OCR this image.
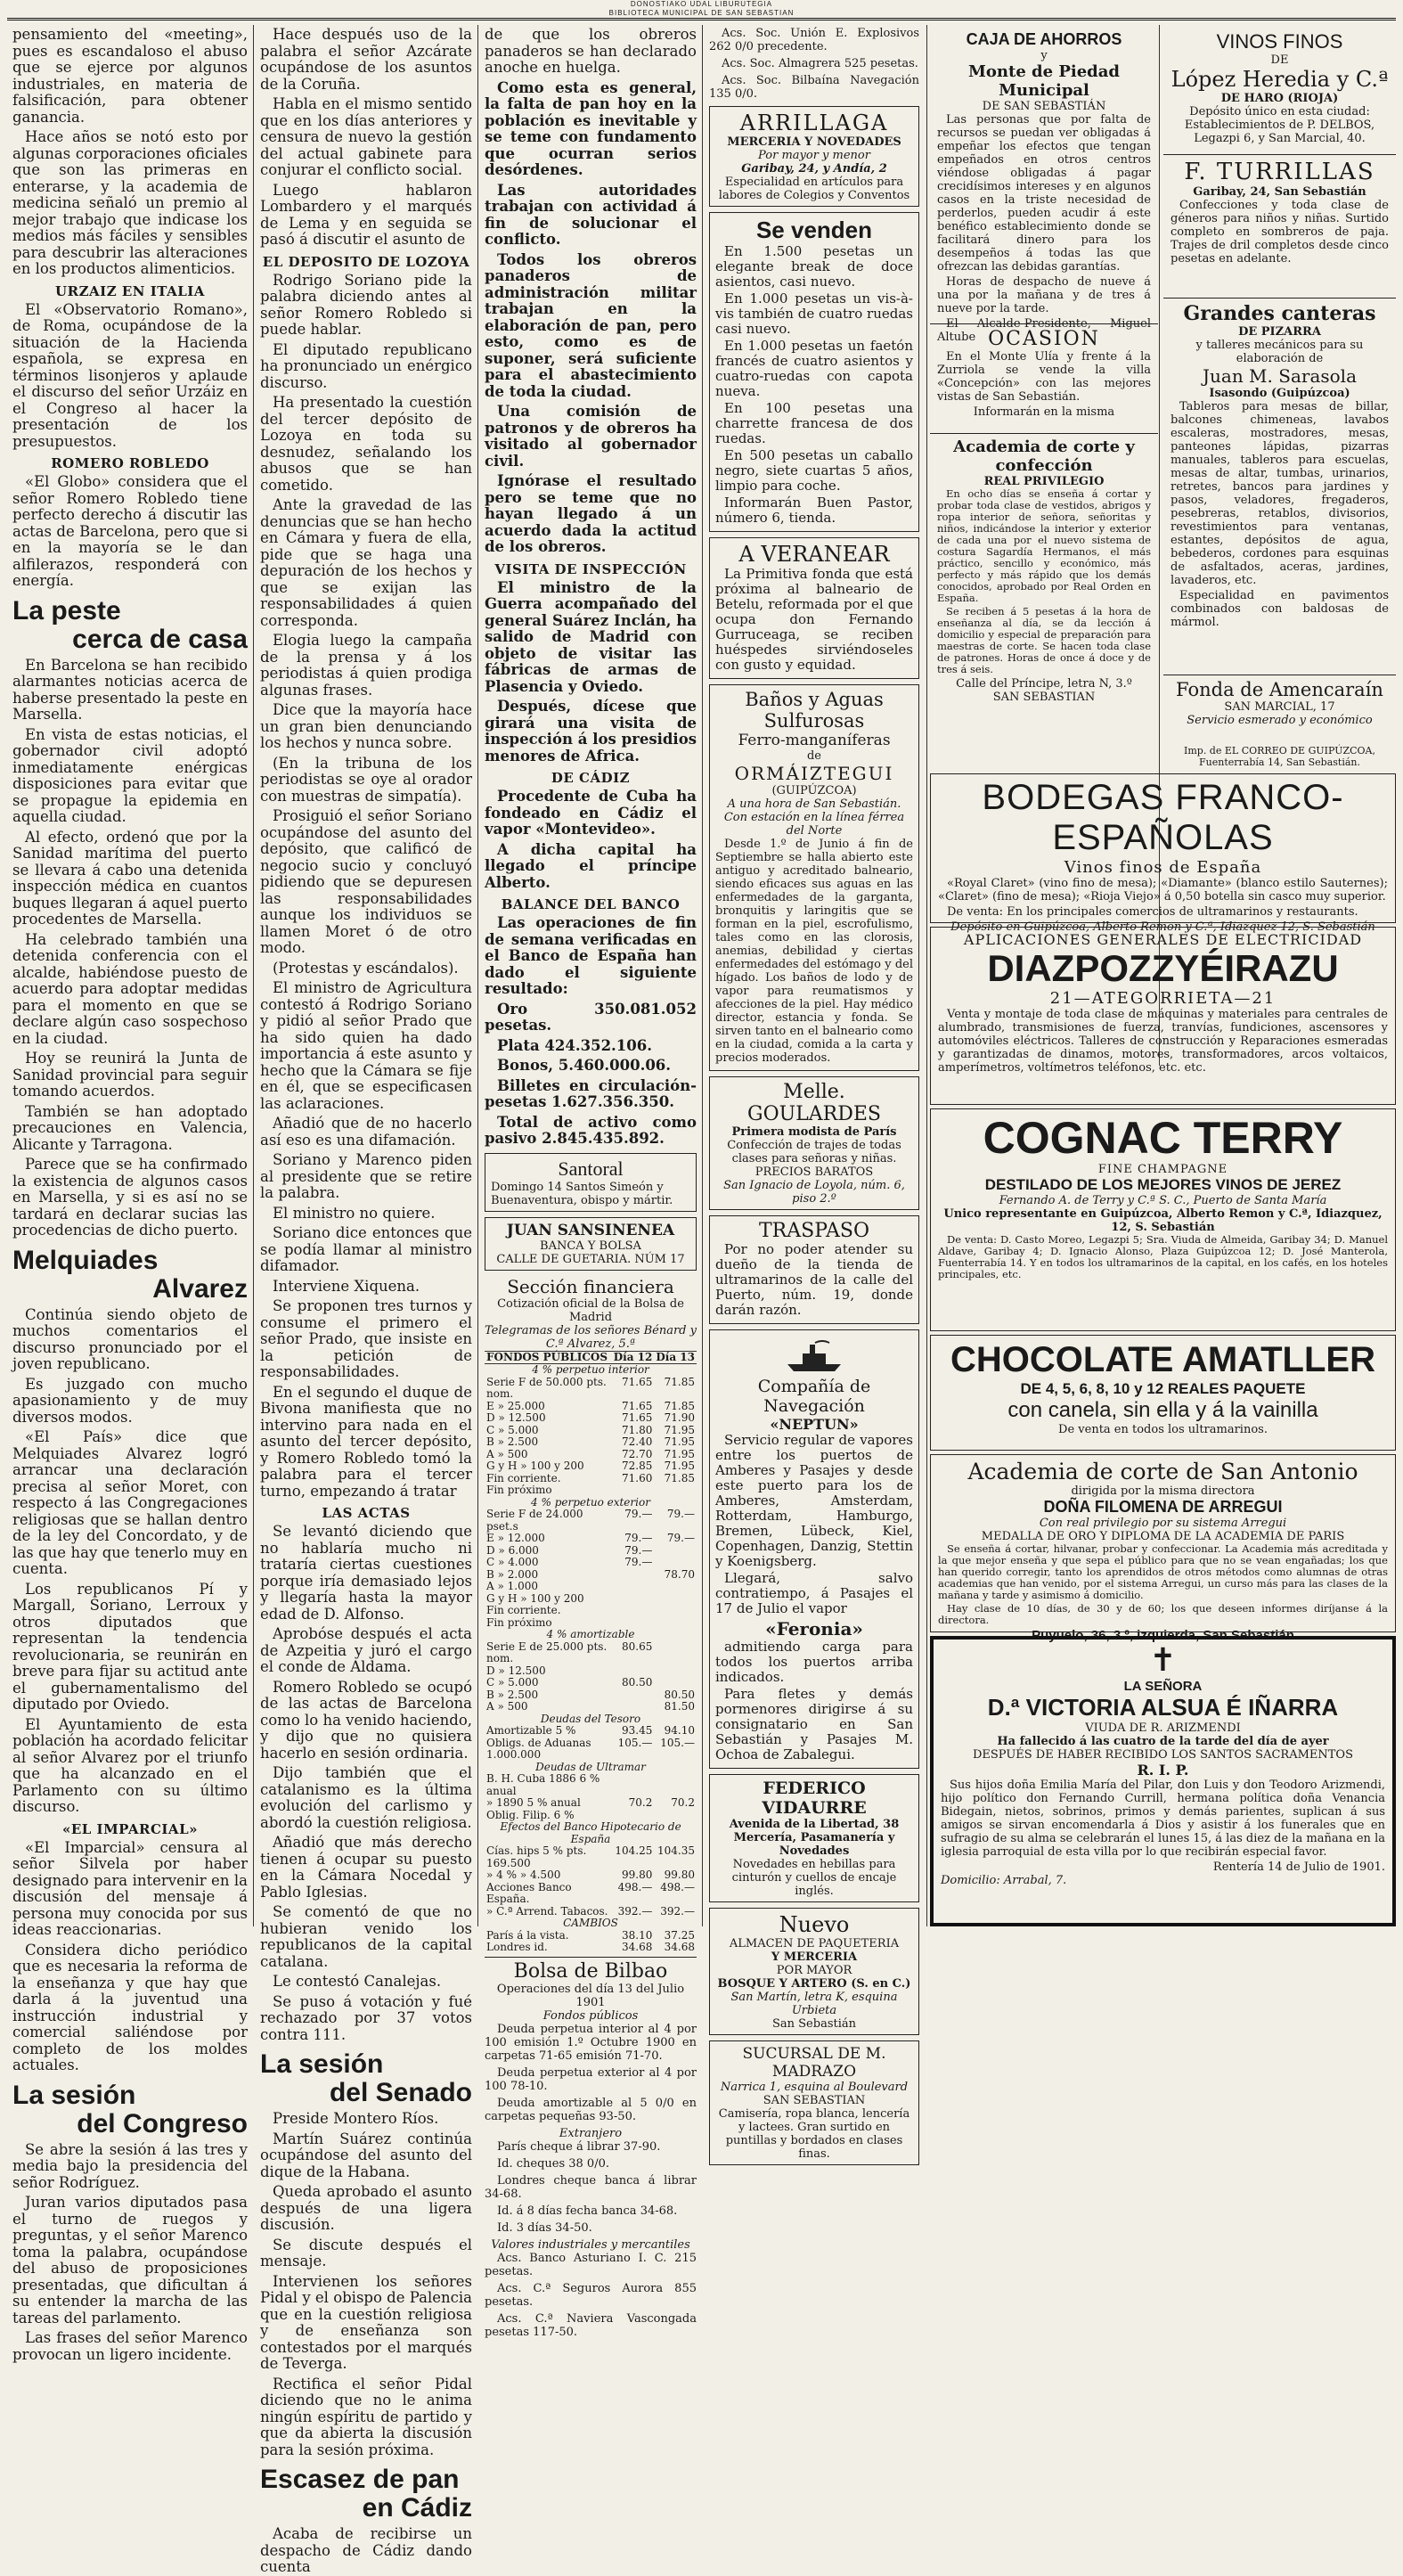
DONOSTIAKO UDAL LIBURUTEGIA
BIBLIOTECA MUNICIPAL DE SAN SEBASTIAN

pensamiento del «meeting», pues es escandaloso el abuso que se ejerce por algunos industriales, en materia de falsificación, para obtener ganancia.

Hace años se notó esto por algunas corporaciones oficiales que son las primeras en enterarse, y la academia de medicina señaló un premio al mejor trabajo que indicase los medios más fáciles y sensibles para descubrir las alteraciones en los productos alimenticios.

URZAIZ EN ITALIA

El «Observatorio Romano», de Roma, ocupándose de la situación de la Hacienda española, se expresa en términos lisonjeros y aplaude el discurso del señor Urzáiz en el Congreso al hacer la presentación de los presupuestos.

ROMERO ROBLEDO

«El Globo» considera que el señor Romero Robledo tiene perfecto derecho á discutir las actas de Barcelona, pero que si en la mayoría se le dan alfilerazos, responderá con energía.

La peste
cerca de casa

En Barcelona se han recibido alarmantes noticias acerca de haberse presentado la peste en Marsella.

En vista de estas noticias, el gobernador civil adoptó inmediatamente enérgicas disposiciones para evitar que se propague la epidemia en aquella ciudad.

Al efecto, ordenó que por la Sanidad marítima del puerto se llevara á cabo una detenida inspección médica en cuantos buques llegaran á aquel puerto procedentes de Marsella.

Ha celebrado también una detenida conferencia con el alcalde, habiéndose puesto de acuerdo para adoptar medidas para el momento en que se declare algún caso sospechoso en la ciudad.

Hoy se reunirá la Junta de Sanidad provincial para seguir tomando acuerdos.

También se han adoptado precauciones en Valencia, Alicante y Tarragona.

Parece que se ha confirmado la existencia de algunos casos en Marsella, y si es así no se tardará en declarar sucias las procedencias de dicho puerto.

Melquiades
Alvarez

Continúa siendo objeto de muchos comentarios el discurso pronunciado por el joven republicano.

Es juzgado con mucho apasionamiento y de muy diversos modos.

«El País» dice que Melquiades Alvarez logró arrancar una declaración precisa al señor Moret, con respecto á las Congregaciones religiosas que se hallan dentro de la ley del Concordato, y de las que hay que tenerlo muy en cuenta.

Los republicanos Pí y Margall, Soriano, Lerroux y otros diputados que representan la tendencia revolucionaria, se reunirán en breve para fijar su actitud ante el gubernamentalismo del diputado por Oviedo.

El Ayuntamiento de esta población ha acordado felicitar al señor Alvarez por el triunfo que ha alcanzado en el Parlamento con su último discurso.

«EL IMPARCIAL»

«El Imparcial» censura al señor Silvela por haber designado para intervenir en la discusión del mensaje á persona muy conocida por sus ideas reaccionarias.

Considera dicho periódico que es necesaria la reforma de la enseñanza y que hay que darla á la juventud una instrucción industrial y comercial saliéndose por completo de los moldes actuales.

La sesión
del Congreso

Se abre la sesión á las tres y media bajo la presidencia del señor Rodríguez.

Juran varios diputados pasa el turno de ruegos y preguntas, y el señor Marenco toma la palabra, ocupándose del abuso de proposiciones presentadas, que dificultan á su entender la marcha de las tareas del parlamento.

Las frases del señor Marenco provocan un ligero incidente.

Hace después uso de la palabra el señor Azcárate ocupándose de los asuntos de la Coruña.

Habla en el mismo sentido que en los días anteriores y censura de nuevo la gestión del actual gabinete para conjurar el conflicto social.

Luego hablaron Lombardero y el marqués de Lema y en seguida se pasó á discutir el asunto de

EL DEPOSITO DE LOZOYA

Rodrigo Soriano pide la palabra diciendo antes al señor Romero Robledo si puede hablar.

El diputado republicano ha pronunciado un enérgico discurso.

Ha presentado la cuestión del tercer depósito de Lozoya en toda su desnudez, señalando los abusos que se han cometido.

Ante la gravedad de las denuncias que se han hecho en Cámara y fuera de ella, pide que se haga una depuración de los hechos y que se exijan las responsabilidades á quien corresponda.

Elogia luego la campaña de la prensa y á los periodistas á quien prodiga algunas frases.

Dice que la mayoría hace un gran bien denunciando los hechos y nunca sobre.

(En la tribuna de los periodistas se oye al orador con muestras de simpatía).

Prosiguió el señor Soriano ocupándose del asunto del depósito, que calificó de negocio sucio y concluyó pidiendo que se depuresen las responsabilidades aunque los individuos se llamen Moret ó de otro modo.

(Protestas y escándalos).

El ministro de Agricultura contestó á Rodrigo Soriano y pidió al señor Prado que ha sido quien ha dado importancia á este asunto y hecho que la Cámara se fije en él, que se especificasen las aclaraciones.

Añadió que de no hacerlo así eso es una difamación.

Soriano y Marenco piden al presidente que se retire la palabra.

El ministro no quiere.

Soriano dice entonces que se podía llamar al ministro difamador.

Interviene Xiquena.

Se proponen tres turnos y consume el primero el señor Prado, que insiste en la petición de responsabilidades.

En el segundo el duque de Bivona manifiesta que no intervino para nada en el asunto del tercer depósito, y Romero Robledo tomó la palabra para el tercer turno, empezando á tratar

LAS ACTAS

Se levantó diciendo que no hablaría mucho ni trataría ciertas cuestiones porque iría demasiado lejos y llegaría hasta la mayor edad de D. Alfonso.

Aprobóse después el acta de Azpeitia y juró el cargo el conde de Aldama.

Romero Robledo se ocupó de las actas de Barcelona como lo ha venido haciendo, y dijo que no quisiera hacerlo en sesión ordinaria.

Dijo también que el catalanismo es la última evolución del carlismo y abordó la cuestión religiosa.

Añadió que más derecho tienen á ocupar su puesto en la Cámara Nocedal y Pablo Iglesias.

Se comentó de que no hubieran venido los republicanos de la capital catalana.

Le contestó Canalejas.

Se puso á votación y fué rechazado por 37 votos contra 111.

La sesión
del Senado

Preside Montero Ríos.

Martín Suárez continúa ocupándose del asunto del dique de la Habana.

Queda aprobado el asunto después de una ligera discusión.

Se discute después el mensaje.

Intervienen los señores Pidal y el obispo de Palencia que en la cuestión religiosa y de enseñanza son contestados por el marqués de Teverga.

Rectifica el señor Pidal diciendo que no le anima ningún espíritu de partido y que da abierta la discusión para la sesión próxima.

Escasez de pan
en Cádiz

Acaba de recibirse un despacho de Cádiz dando cuenta

de que los obreros panaderos se han declarado anoche en huelga.

Como esta es general, la falta de pan hoy en la población es inevitable y se teme con fundamento que ocurran serios desórdenes.

Las autoridades trabajan con actividad á fin de solucionar el conflicto.

Todos los obreros panaderos de administración militar trabajan en la elaboración de pan, pero esto, como es de suponer, será suficiente para el abastecimiento de toda la ciudad.

Una comisión de patronos y de obreros ha visitado al gobernador civil.

Ignórase el resultado pero se teme que no hayan llegado á un acuerdo dada la actitud de los obreros.

VISITA DE INSPECCIÓN

El ministro de la Guerra acompañado del general Suárez Inclán, ha salido de Madrid con objeto de visitar las fábricas de armas de Plasencia y Oviedo.

Después, dícese que girará una visita de inspección á los presidios menores de Africa.

DE CÁDIZ

Procedente de Cuba ha fondeado en Cádiz el vapor «Montevideo».

A dicha capital ha llegado el príncipe Alberto.

BALANCE DEL BANCO

Las operaciones de fin de semana verificadas en el Banco de España han dado el siguiente resultado:

Oro 350.081.052 pesetas.

Plata 424.352.106.

Bonos, 5.460.000.06.

Billetes en circulación-pesetas 1.627.356.350.

Total de activo como pasivo 2.845.435.892.

Santoral
Domingo 14 Santos Simeón y Buenaventura, obispo y mártir.
JUAN SANSINENEA
BANCA Y BOLSA
CALLE DE GUETARIA. NÚM 17
Sección financiera
Cotización oficial de la Bolsa de Madrid
Telegramas de los señores Bénard y C.ª Alvarez, 5.ª
FONDOS PÚBLICOS	Día 12	Día 13
4 % perpetuo interior		
Serie F de 50.000 pts. nom.	71.65	71.85
E » 25.000	71.65	71.85
D » 12.500	71.65	71.90
C » 5.000	71.80	71.95
B » 2.500	72.40	71.95
A » 500	72.70	71.95
G y H » 100 y 200	72.85	71.95
Fin corriente.	71.60	71.85
Fin próximo		
4 % perpetuo exterior		
Serie F de 24.000 pset.s	79.—	79.—
E » 12.000	79.—	79.—
D » 6.000	79.—	
C » 4.000	79.—	
B » 2.000		78.70
A » 1.000		
G y H » 100 y 200		
Fin corriente.		
Fin próximo		
4 % amortizable		
Serie E de 25.000 pts. nom.	80.65	
D » 12.500		
C » 5.000	80.50	
B » 2.500		80.50
A » 500		81.50
Deudas del Tesoro		
Amortizable 5 %	93.45	94.10
Obligs. de Aduanas 1.000.000	105.—	105.—
Deudas de Ultramar		
B. H. Cuba 1886 6 % anual		
» 1890 5 % anual	70.2	70.2
Oblig. Filip. 6 %		
Efectos del Banco Hipotecario de España		
Cías. hips 5 % pts. 169.500	104.25	104.35
» 4 % » 4.500	99.80	99.80
Acciones Banco España.	498.—	498.—
» C.ª Arrend. Tabacos.	392.—	392.—
CAMBIOS		
París á la vista.	38.10	37.25
Londres id.	34.68	34.68
Bolsa de Bilbao
Operaciones del día 13 del Julio 1901
Fondos públicos

Deuda perpetua interior al 4 por 100 emisión 1.º Octubre 1900 en carpetas 71-65 emisión 71-70.

Deuda perpetua exterior al 4 por 100 78-10.

Deuda amortizable al 5 0/0 en carpetas pequeñas 93-50.

Extranjero

París cheque á librar 37-90.

Id. cheques 38 0/0.

Londres cheque banca á librar 34-68.

Id. á 8 días fecha banca 34-68.

Id. 3 días 34-50.

Valores industriales y mercantiles

Acs. Banco Asturiano I. C. 215 pesetas.

Acs. C.ª Seguros Aurora 855 pesetas.

Acs. C.ª Naviera Vascongada pesetas 117-50.

Acs. Soc. Unión E. Explosivos 262 0/0 precedente.

Acs. Soc. Almagrera 525 pesetas.

Acs. Soc. Bilbaína Navegación 135 0/0.

ARRILLAGA
MERCERIA Y NOVEDADES
Por mayor y menor
Garibay, 24, y Andía, 2
Especialidad en artículos para labores de Colegios y Conventos
Se venden

En 1.500 pesetas un elegante break de doce asientos, casi nuevo.

En 1.000 pesetas un vis-à-vis también de cuatro ruedas casi nuevo.

En 1.000 pesetas un faetón francés de cuatro asientos y cuatro-ruedas con capota nueva.

En 100 pesetas una charrette francesa de dos ruedas.

En 500 pesetas un caballo negro, siete cuartas 5 años, limpio para coche.

Informarán Buen Pastor, número 6, tienda.

A VERANEAR

La Primitiva fonda que está próxima al balneario de Betelu, reformada por el que ocupa don Fernando Gurruceaga, se reciben huéspedes sirviéndoseles con gusto y equidad.

Baños y Aguas Sulfurosas
Ferro-manganíferas
de
ORMÁIZTEGUI
(GUIPÚZCOA)
A una hora de San Sebastián. Con estación en la línea férrea del Norte

Desde 1.º de Junio á fin de Septiembre se halla abierto este antiguo y acreditado balneario, siendo eficaces sus aguas en las enfermedades de la garganta, bronquitis y laringitis que se forman en la piel, escrofulismo, tales como en las clorosis, anemias, debilidad y ciertas enfermedades del estómago y del hígado. Los baños de lodo y de vapor para reumatismos y afecciones de la piel. Hay médico director, estancia y fonda. Se sirven tanto en el balneario como en la ciudad, comida a la carta y precios moderados.

Melle. GOULARDES
Primera modista de París
Confección de trajes de todas clases para señoras y niñas.
PRECIOS BARATOS
San Ignacio de Loyola, núm. 6, piso 2.º
TRASPASO

Por no poder atender su dueño de la tienda de ultramarinos de la calle del Puerto, núm. 19, donde darán razón.

Compañía de Navegación
«NEPTUN»

Servicio regular de vapores entre los puertos de Amberes y Pasajes y desde este puerto para los de Amberes, Amsterdam, Rotterdam, Hamburgo, Bremen, Lübeck, Kiel, Copenhagen, Danzig, Stettin y Koenigsberg.

Llegará, salvo contratiempo, á Pasajes el 17 de Julio el vapor

«Feronia»

admitiendo carga para todos los puertos arriba indicados.

Para fletes y demás pormenores dirigirse á su consignatario en San Sebastián y Pasajes M. Ochoa de Zabalegui.

FEDERICO VIDAURRE
Avenida de la Libertad, 38
Mercería, Pasamanería y Novedades
Novedades en hebillas para cinturón y cuellos de encaje inglés.
Nuevo
ALMACEN DE PAQUETERIA
Y MERCERIA
POR MAYOR
BOSQUE Y ARTERO (S. en C.)
San Martín, letra K, esquina Urbieta
San Sebastián
SUCURSAL DE M. MADRAZO
Narrica 1, esquina al Boulevard
SAN SEBASTIAN
Camisería, ropa blanca, lencería y lactees. Gran surtido en puntillas y bordados en clases finas.
CAJA DE AHORROS
y
Monte de Piedad Municipal
DE SAN SEBASTIÁN

Las personas que por falta de recursos se puedan ver obligadas á empeñar los efectos que tengan empeñados en otros centros viéndose obligadas á pagar crecidísimos intereses y en algunos casos en la triste necesidad de perderlos, pueden acudir á este benéfico establecimiento donde se facilitará dinero para los desempeños á todas las que ofrezcan las debidas garantías.

Horas de despacho de nueve á una por la mañana y de tres á nueve por la tarde.

El Alcalde-Presidente, Miguel Altube

VINOS FINOS
DE
López Heredia y C.ª
DE HARO (RIOJA)
Depósito único en esta ciudad: Establecimientos de P. DELBOS, Legazpi 6, y San Marcial, 40.
F. TURRILLAS
Garibay, 24, San Sebastián

Confecciones y toda clase de géneros para niños y niñas. Surtido completo en sombreros de paja. Trajes de dril completos desde cinco pesetas en adelante.

Grandes canteras
DE PIZARRA
y talleres mecánicos para su elaboración de
Juan M. Sarasola
Isasondo (Guipúzcoa)

Tableros para mesas de billar, balcones chimeneas, lavabos escaleras, mostradores, mesas, panteones lápidas, pizarras manuales, tableros para escuelas, mesas de altar, tumbas, urinarios, retretes, bancos para jardines y pasos, veladores, fregaderos, pesebreras, retablos, divisorios, revestimientos para ventanas, estantes, depósitos de agua, bebederos, cordones para esquinas de asfaltados, aceras, jardines, lavaderos, etc.

Especialidad en pavimentos combinados con baldosas de mármol.

Fonda de Amencaraín
SAN MARCIAL, 17
Servicio esmerado y económico
OCASION

En el Monte Ulía y frente á la Zurriola se vende la villa «Concepción» con las mejores vistas de San Sebastián.

Informarán en la misma
Academia de corte y confección
REAL PRIVILEGIO

En ocho días se enseña á cortar y probar toda clase de vestidos, abrigos y ropa interior de señora, señoritas y niños, indicándose la interior y exterior de cada una por el nuevo sistema de costura Sagardía Hermanos, el más práctico, sencillo y económico, más perfecto y más rápido que los demás conocidos, aprobado por Real Orden en España.

Se reciben á 5 pesetas á la hora de enseñanza al día, se da lección á domicilio y especial de preparación para maestras de corte. Se hacen toda clase de patrones. Horas de once á doce y de tres á seis.

Calle del Príncipe, letra N, 3.º
SAN SEBASTIAN
Imp. de EL CORREO DE GUIPÚZCOA, Fuenterrabía 14, San Sebastián.
BODEGAS FRANCO-ESPAÑOLAS
Vinos finos de España

«Royal Claret» (vino fino de mesa); «Diamante» (blanco estilo Sauternes); «Claret» (fino de mesa); «Rioja Viejo» á 0,50 botella sin casco muy superior.

De venta: En los principales comercios de ultramarinos y restaurants.

Depósito en Guipúzcoa, Alberto Remon y C.ª, Idiazquez 12, S. Sebastián
APLICACIONES GENERALES DE ELECTRICIDAD
DIAZPOZZYÉIRAZU
21—ATEGORRIETA—21

Venta y montaje de toda clase de máquinas y materiales para centrales de alumbrado, transmisiones de fuerza, tranvías, fundiciones, ascensores y automóviles eléctricos. Talleres de construcción y Reparaciones esmeradas y garantizadas de dinamos, motores, transformadores, arcos voltaicos, amperímetros, voltímetros teléfonos, etc. etc.

COGNAC TERRY
FINE CHAMPAGNE
DESTILADO DE LOS MEJORES VINOS DE JEREZ
Fernando A. de Terry y C.ª S. C., Puerto de Santa María
Unico representante en Guipúzcoa, Alberto Remon y C.ª, Idiazquez, 12, S. Sebastián

De venta: D. Casto Moreo, Legazpi 5; Sra. Viuda de Almeida, Garibay 34; D. Manuel Aldave, Garibay 4; D. Ignacio Alonso, Plaza Guipúzcoa 12; D. José Manterola, Fuenterrabía 14. Y en todos los ultramarinos de la capital, en los cafés, en los hoteles principales, etc.

CHOCOLATE AMATLLER
DE 4, 5, 6, 8, 10 y 12 REALES PAQUETE
con canela, sin ella y á la vainilla
De venta en todos los ultramarinos.
Academia de corte de San Antonio
dirigida por la misma directora
DOÑA FILOMENA DE ARREGUI
Con real privilegio por su sistema Arregui
MEDALLA DE ORO Y DIPLOMA DE LA ACADEMIA DE PARIS

Se enseña á cortar, hilvanar, probar y confeccionar. La Academia más acreditada y la que mejor enseña y que sepa el público para que no se vean engañadas; los que han querido corregir, tanto los aprendidos de otros métodos como alumnas de otras academias que han venido, por el sistema Arregui, un curso más para las clases de la mañana y tarde y asimismo á domicilio.

Hay clase de 10 días, de 30 y de 60; los que deseen informes diríjanse á la directora.

Puyuelo, 36, 3.º, izquierda, San Sebastián
✝
LA SEÑORA
D.ª VICTORIA ALSUA É IÑARRA
VIUDA DE R. ARIZMENDI
Ha fallecido á las cuatro de la tarde del día de ayer
DESPUÉS DE HABER RECIBIDO LOS SANTOS SACRAMENTOS
R. I. P.

Sus hijos doña Emilia María del Pilar, don Luis y don Teodoro Arizmendi, hijo político don Fernando Currill, hermana política doña Venancia Bidegain, nietos, sobrinos, primos y demás parientes, suplican á sus amigos se sirvan encomendarla á Dios y asistir á los funerales que en sufragio de su alma se celebrarán el lunes 15, á las diez de la mañana en la iglesia parroquial de esta villa por lo que recibirán especial favor.

Rentería 14 de Julio de 1901.
Domicilio: Arrabal, 7.
